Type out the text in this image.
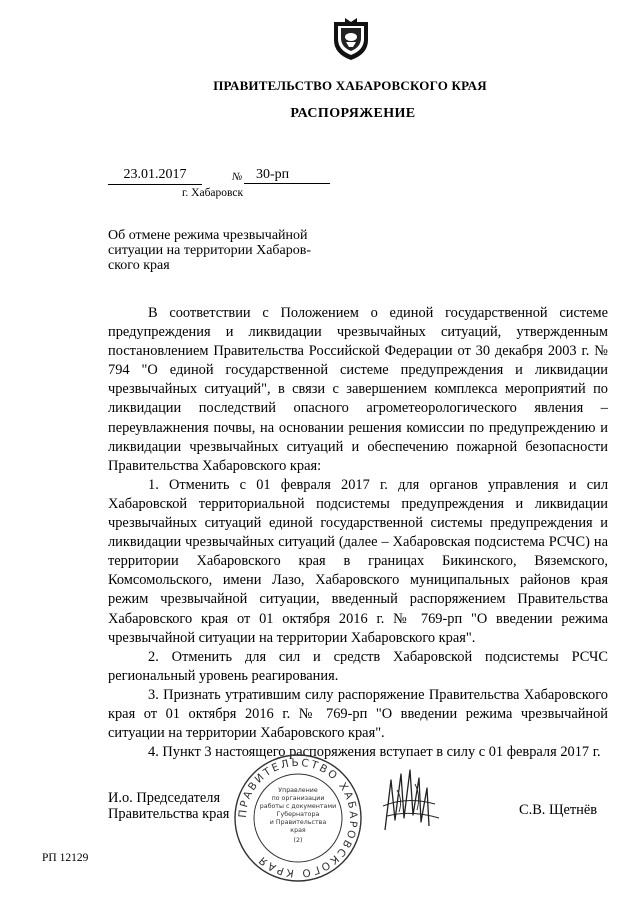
ПРАВИТЕЛЬСТВО ХАБАРОВСКОГО КРАЯ
РАСПОРЯЖЕНИЕ
23.01.2017	№ 30-рп
г. Хабаровск
Об отмене режима чрезвычайной
ситуации на территории Хабаров-
ского края

В соответствии с Положением о единой государственной системе предупреждения и ликвидации чрезвычайных ситуаций, утвержденным постановлением Правительства Российской Федерации от 30 декабря 2003 г. № 794 "О единой государственной системе предупреждения и ликвидации чрезвычайных ситуаций", в связи с завершением комплекса мероприятий по ликвидации последствий опасного агрометеорологического явления – переувлажнения почвы, на основании решения комиссии по предупреждению и ликвидации чрезвычайных ситуаций и обеспечению пожарной безопасности Правительства Хабаровского края:

1. Отменить с 01 февраля 2017 г. для органов управления и сил Хабаровской территориальной подсистемы предупреждения и ликвидации чрезвычайных ситуаций единой государственной системы предупреждения и ликвидации чрезвычайных ситуаций (далее – Хабаровская подсистема РСЧС) на территории Хабаровского края в границах Бикинского, Вяземского, Комсомольского, имени Лазо, Хабаровского муниципальных районов края режим чрезвычайной ситуации, введенный распоряжением Правительства Хабаровского края от 01 октября 2016 г. № 769-рп "О введении режима чрезвычайной ситуации на территории Хабаровского края".

2. Отменить для сил и средств Хабаровской подсистемы РСЧС региональный уровень реагирования.

3. Признать утратившим силу распоряжение Правительства Хабаровского края от 01 октября 2016 г. № 769-рп "О введении режима чрезвычайной ситуации на территории Хабаровского края".

4. Пункт 3 настоящего распоряжения вступает в силу с 01 февраля 2017 г.

И.о. Председателя
Правительства края ПРАВИТЕЛЬСТВО ХАБАРОВСКОГО КРАЯ
Управление
по организации
работы с документами
Губернатора
и Правительства
края
(2)
С.В. Щетнёв
РП 12129
